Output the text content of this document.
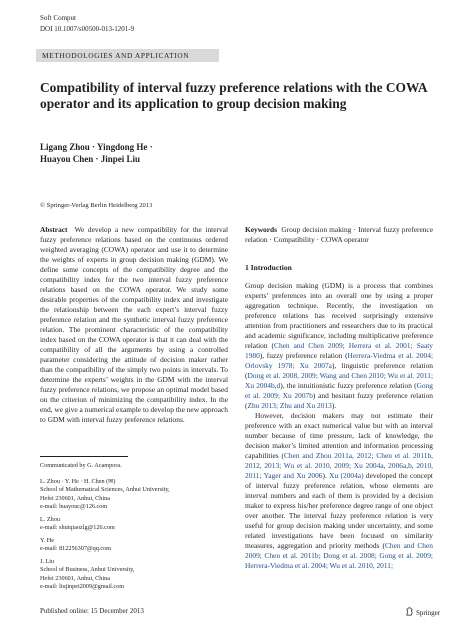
Soft Comput
DOI 10.1007/s00500-013-1201-9
METHODOLOGIES AND APPLICATION
Compatibility of interval fuzzy preference relations with the COWA operator and its application to group decision making
Ligang Zhou · Yingdong He ·
Huayou Chen · Jinpei Liu
© Springer-Verlag Berlin Heidelberg 2013

Abstract We develop a new compatibility for the interval fuzzy preference relations based on the continuous ordered weighted averaging (COWA) operator and use it to determine the weights of experts in group decision making (GDM). We define some concepts of the compatibility degree and the compatibility index for the two interval fuzzy preference relations based on the COWA operator. We study some desirable properties of the compatibility index and investigate the relationship between the each expert’s interval fuzzy preference relation and the synthetic interval fuzzy preference relation. The prominent characteristic of the compatibility index based on the COWA operator is that it can deal with the compatibility of all the arguments by using a controlled parameter considering the attitude of decision maker rather than the compatibility of the simply two points in intervals. To determine the experts’ weights in the GDM with the interval fuzzy preference relations, we propose an optimal model based on the criterion of minimizing the compatibility index. In the end, we give a numerical example to develop the new approach to GDM with interval fuzzy preference relations.

Communicated by G. Acampora.
L. Zhou · Y. He · H. Chen (✉)
School of Mathematical Sciences, Anhui University,
Hefei 230601, Anhui, China
e-mail: huayouc@126.com
L. Zhou
e-mail: shuiqiaozlg@126.com
Y. He
e-mail: 812256307@qq.com
J. Liu
School of Business, Anhui University,
Hefei 230601, Anhui, China
e-mail: liujinpei2009@gmail.com

Keywords Group decision making · Interval fuzzy preference relation · Compatibility · COWA operator

1 Introduction

Group decision making (GDM) is a process that combines experts’ preferences into an overall one by using a proper aggregation technique. Recently, the investigation on preference relations has received surprisingly extensive attention from practitioners and researchers due to its practical and academic significance, including multiplicative preference relation (Chen and Chen 2009; Herrera et al. 2001; Saaty 1980), fuzzy preference relation (Herrera-Viedma et al. 2004; Orlovsky 1978; Xu 2007a), linguistic preference relation (Dong et al. 2008, 2009; Wang and Chen 2010; Wu et al. 2011; Xu 2004b,d), the intuitionistic fuzzy preference relation (Gong et al. 2009; Xu 2007b) and hesitant fuzzy preference relation (Zhu 2013; Zhu and Xu 2013).

However, decision makers may not estimate their preference with an exact numerical value but with an interval number because of time pressure, lack of knowledge, the decision maker’s limited attention and information processing capabilities (Chen and Zhou 2011a, 2012; Chen et al. 2011b, 2012, 2013; Wu et al. 2010, 2009; Xu 2004a, 2006a,b, 2010, 2011; Yager and Xu 2006). Xu (2004a) developed the concept of interval fuzzy preference relation, whose elements are interval numbers and each of them is provided by a decision maker to express his/her preference degree range of one object over another. The interval fuzzy preference relation is very useful for group decision making under uncertainty, and some related investigations have been focused on similarity measures, aggregation and priority methods (Chen and Chen 2009; Chen et al. 2011b; Dong et al. 2008; Gong et al. 2009; Herrera-Viedma et al. 2004; Wu et al. 2010, 2011;

Published online: 15 December 2013	Springer
